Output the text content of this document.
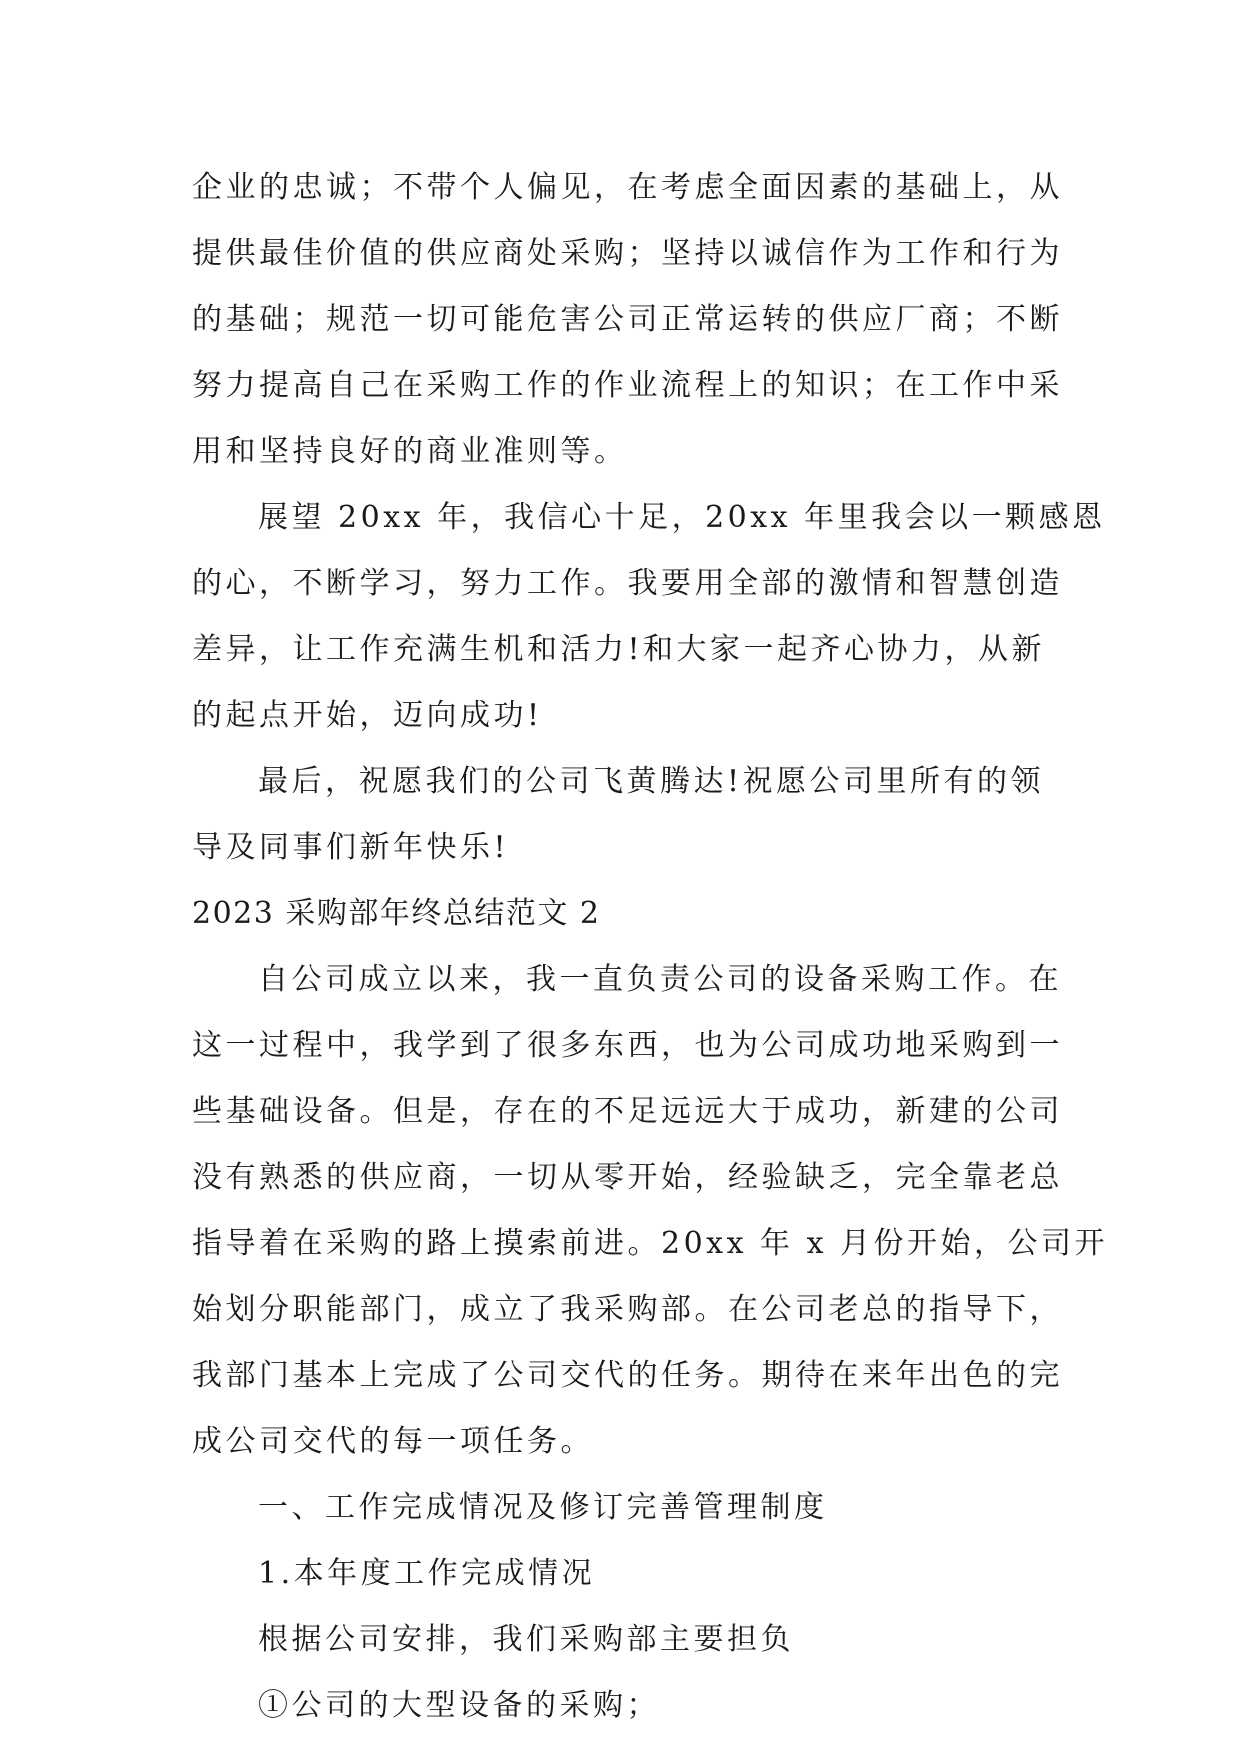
企业的忠诚；不带个人偏见，在考虑全面因素的基础上，从
提供最佳价值的供应商处采购；坚持以诚信作为工作和行为
的基础；规范一切可能危害公司正常运转的供应厂商；不断
努力提高自己在采购工作的作业流程上的知识；在工作中采
用和坚持良好的商业准则等。
展望 20xx 年，我信心十足，20xx 年里我会以一颗感恩
的心，不断学习，努力工作。我要用全部的激情和智慧创造
差异，让工作充满生机和活力!和大家一起齐心协力，从新
的起点开始，迈向成功!
最后，祝愿我们的公司飞黄腾达!祝愿公司里所有的领
导及同事们新年快乐!
2023 采购部年终总结范文 2
自公司成立以来，我一直负责公司的设备采购工作。在
这一过程中，我学到了很多东西，也为公司成功地采购到一
些基础设备。但是，存在的不足远远大于成功，新建的公司
没有熟悉的供应商，一切从零开始，经验缺乏，完全靠老总
指导着在采购的路上摸索前进。20xx 年 x 月份开始，公司开
始划分职能部门，成立了我采购部。在公司老总的指导下，
我部门基本上完成了公司交代的任务。期待在来年出色的完
成公司交代的每一项任务。
一、工作完成情况及修订完善管理制度
1.本年度工作完成情况
根据公司安排，我们采购部主要担负
①公司的大型设备的采购；
